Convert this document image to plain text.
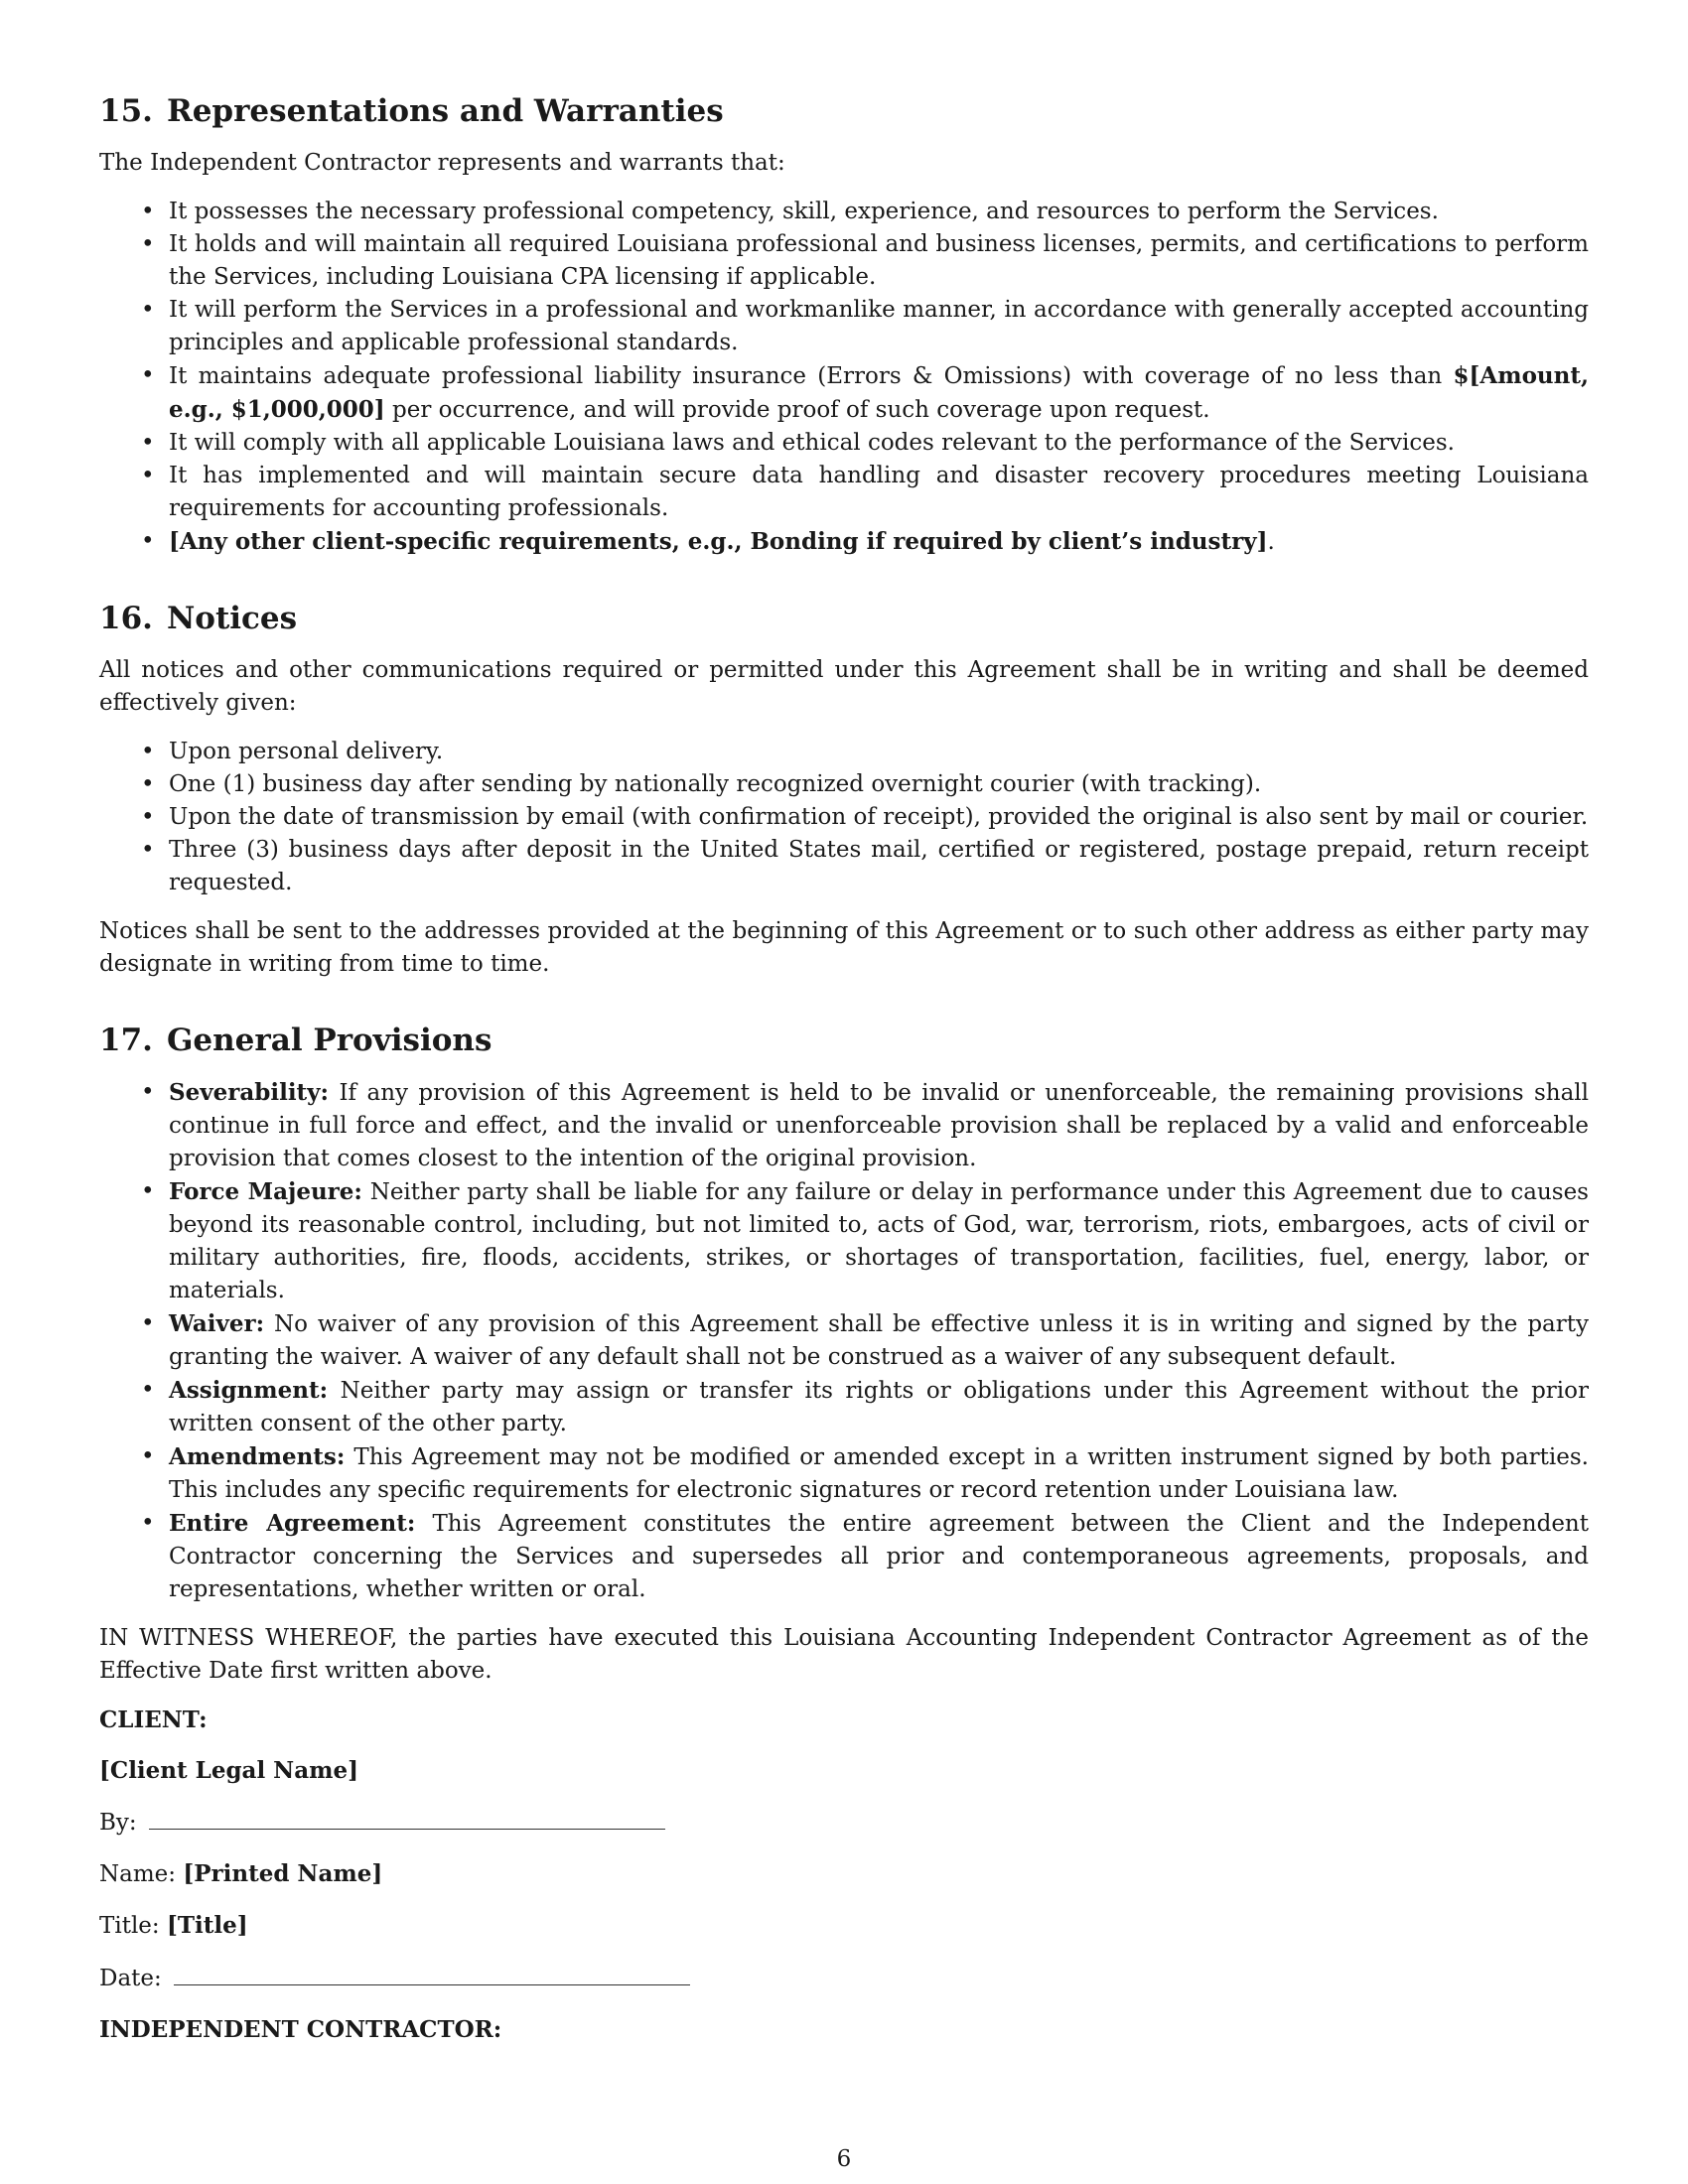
15. Representations and Warranties

The Independent Contractor represents and warrants that:

• It possesses the necessary professional competency, skill, experience, and resources to perform the Services.
• It holds and will maintain all required Louisiana professional and business licenses, permits, and certifications to perform the Services, including Louisiana CPA licensing if applicable.
• It will perform the Services in a professional and workmanlike manner, in accordance with generally accepted accounting principles and applicable professional standards.
• It maintains adequate professional liability insurance (Errors & Omissions) with coverage of no less than $[Amount, e.g., $1,000,000] per occurrence, and will provide proof of such coverage upon request.
• It will comply with all applicable Louisiana laws and ethical codes relevant to the performance of the Services.
• It has implemented and will maintain secure data handling and disaster recovery procedures meeting Louisiana requirements for accounting professionals.
• [Any other client-specific requirements, e.g., Bonding if required by client’s industry].
16. Notices

All notices and other communications required or permitted under this Agreement shall be in writing and shall be deemed effectively given:

• Upon personal delivery.
• One (1) business day after sending by nationally recognized overnight courier (with tracking).
• Upon the date of transmission by email (with confirmation of receipt), provided the original is also sent by mail or courier.
• Three (3) business days after deposit in the United States mail, certified or registered, postage prepaid, return receipt requested.

Notices shall be sent to the addresses provided at the beginning of this Agreement or to such other address as either party may designate in writing from time to time.

17. General Provisions
• Severability: If any provision of this Agreement is held to be invalid or unenforceable, the remaining provisions shall continue in full force and effect, and the invalid or unenforceable provision shall be replaced by a valid and enforceable provision that comes closest to the intention of the original provision.
• Force Majeure: Neither party shall be liable for any failure or delay in performance under this Agreement due to causes beyond its reasonable control, including, but not limited to, acts of God, war, terrorism, riots, embargoes, acts of civil or military authorities, fire, floods, accidents, strikes, or shortages of transportation, facilities, fuel, energy, labor, or materials.
• Waiver: No waiver of any provision of this Agreement shall be effective unless it is in writing and signed by the party granting the waiver. A waiver of any default shall not be construed as a waiver of any subsequent default.
• Assignment: Neither party may assign or transfer its rights or obligations under this Agreement without the prior written consent of the other party.
• Amendments: This Agreement may not be modified or amended except in a written instrument signed by both parties. This includes any specific requirements for electronic signatures or record retention under Louisiana law.
• Entire Agreement: This Agreement constitutes the entire agreement between the Client and the Independent Contractor concerning the Services and supersedes all prior and contemporaneous agreements, proposals, and representations, whether written or oral.

IN WITNESS WHEREOF, the parties have executed this Louisiana Accounting Independent Contractor Agreement as of the Effective Date first written above.

CLIENT:

[Client Legal Name]

By:

Name: [Printed Name]

Title: [Title]

Date:

INDEPENDENT CONTRACTOR:

6
